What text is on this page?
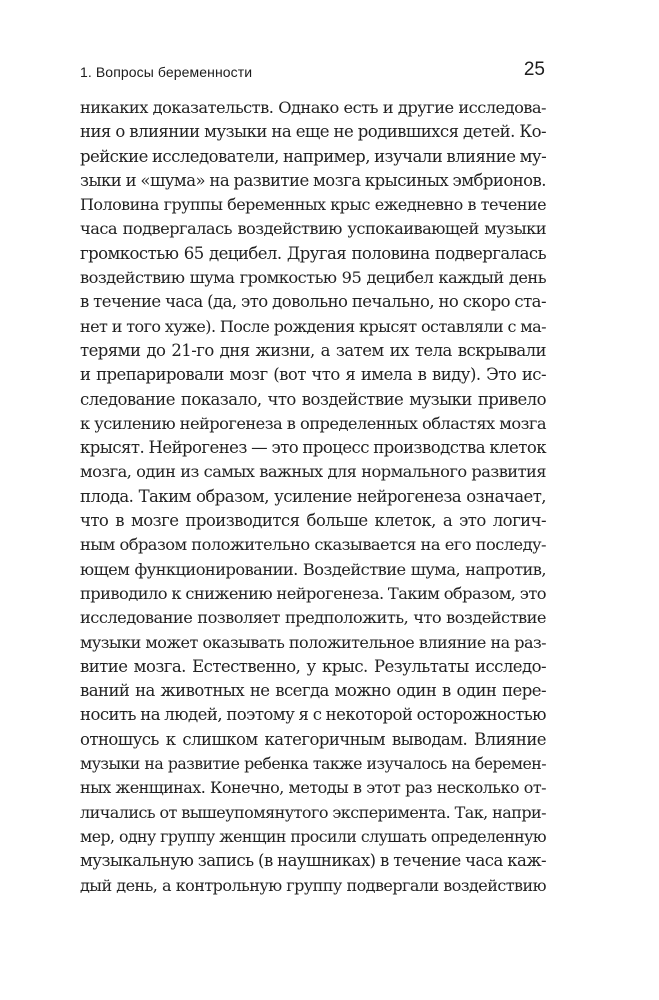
1. Вопросы беременности	25
никаких доказательств. Однако есть и другие исследова-
ния о влиянии музыки на еще не родившихся детей. Ко-
рейские исследователи, например, изучали влияние му-
зыки и «шума» на развитие мозга крысиных эмбрионов.
Половина группы беременных крыс ежедневно в течение
часа подвергалась воздействию успокаивающей музыки
громкостью 65 децибел. Другая половина подвергалась
воздействию шума громкостью 95 децибел каждый день
в течение часа (да, это довольно печально, но скоро ста-
нет и того хуже). После рождения крысят оставляли с ма-
терями до 21-го дня жизни, а затем их тела вскрывали
и препарировали мозг (вот что я имела в виду). Это ис-
следование показало, что воздействие музыки привело
к усилению нейрогенеза в определенных областях мозга
крысят. Нейрогенез — это процесс производства клеток
мозга, один из самых важных для нормального развития
плода. Таким образом, усиление нейрогенеза означает,
что в мозге производится больше клеток, а это логич-
ным образом положительно сказывается на его последу-
ющем функционировании. Воздействие шума, напротив,
приводило к снижению нейрогенеза. Таким образом, это
исследование позволяет предположить, что воздействие
музыки может оказывать положительное влияние на раз-
витие мозга. Естественно, у крыс. Результаты исследо-
ваний на животных не всегда можно один в один пере-
носить на людей, поэтому я с некоторой осторожностью
отношусь к слишком категоричным выводам. Влияние
музыки на развитие ребенка также изучалось на беремен-
ных женщинах. Конечно, методы в этот раз несколько от-
личались от вышеупомянутого эксперимента. Так, напри-
мер, одну группу женщин просили слушать определенную
музыкальную запись (в наушниках) в течение часа каж-
дый день, а контрольную группу подвергали воздействию
